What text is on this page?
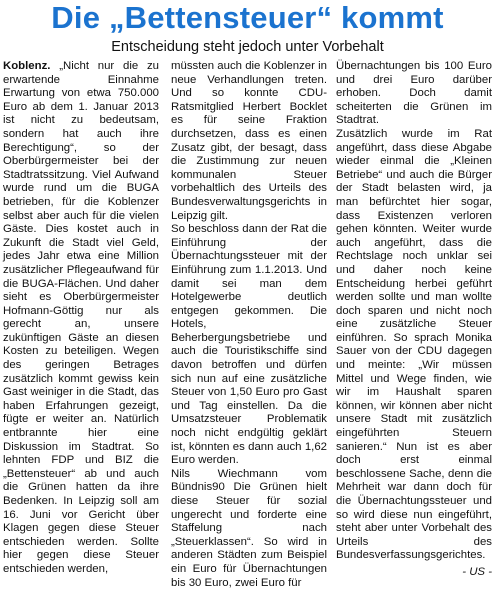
Die „Bettensteuer“ kommt
Entscheidung steht jedoch unter Vorbehalt

Koblenz. „Nicht nur die zu erwartende Einnahme Erwartung von etwa 750.000 Euro ab dem 1. Januar 2013 ist nicht zu bedeutsam, sondern hat auch ihre Berechtigung“, so der Oberbürgermeister bei der Stadtratssitzung. Viel Aufwand wurde rund um die BUGA betrieben, für die Koblenzer selbst aber auch für die vielen Gäste. Dies kostet auch in Zukunft die Stadt viel Geld, jedes Jahr etwa eine Million zusätzlicher Pflegeaufwand für die BUGA-Flächen. Und daher sieht es Oberbürgermeister Hofmann-Göttig nur als gerecht an, unsere zukünftigen Gäste an diesen Kosten zu beteiligen. Wegen des geringen Betrages zusätzlich kommt gewiss kein Gast weiniger in die Stadt, das haben Erfahrungen gezeigt, fügte er weiter an. Natürlich entbrannte hier eine Diskussion im Stadtrat. So lehnten FDP und BIZ die „Bettensteuer“ ab und auch die Grünen hatten da ihre Bedenken. In Leipzig soll am 16. Juni vor Gericht über Klagen gegen diese Steuer entschieden werden. Sollte hier gegen diese Steuer entschieden werden,

müssten auch die Koblenzer in neue Verhandlungen treten. Und so konnte CDU-Ratsmitglied Herbert Bocklet es für seine Fraktion durchsetzen, dass es einen Zusatz gibt, der besagt, dass die Zustimmung zur neuen kommunalen Steuer vorbehaltlich des Urteils des Bundesverwaltungsgerichts in Leipzig gilt.

So beschloss dann der Rat die Einführung der Übernachtungssteuer mit der Einführung zum 1.1.2013. Und damit sei man dem Hotelgewerbe deutlich entgegen gekommen. Die Hotels, Beherbergungsbetriebe und auch die Touristikschiffe sind davon betroffen und dürfen sich nun auf eine zusätzliche Steuer von 1,50 Euro pro Gast und Tag einstellen. Da die Umsatzsteuer Problematik noch nicht endgültig geklärt ist, könnten es dann auch 1,62 Euro werden.

Nils Wiechmann vom Bündnis90 Die Grünen hielt diese Steuer für sozial ungerecht und forderte eine Staffelung nach „Steuerklassen“. So wird in anderen Städten zum Beispiel ein Euro für Übernachtungen bis 30 Euro, zwei Euro für

Übernachtungen bis 100 Euro und drei Euro darüber erhoben. Doch damit scheiterten die Grünen im Stadtrat.

Zusätzlich wurde im Rat angeführt, dass diese Abgabe wieder einmal die „Kleinen Betriebe“ und auch die Bürger der Stadt belasten wird, ja man befürchtet hier sogar, dass Existenzen verloren gehen könnten. Weiter wurde auch angeführt, dass die Rechtslage noch unklar sei und daher noch keine Entscheidung herbei geführt werden sollte und man wollte doch sparen und nicht noch eine zusätzliche Steuer einführen. So sprach Monika Sauer von der CDU dagegen und meinte: „Wir müssen Mittel und Wege finden, wie wir im Haushalt sparen können, wir können aber nicht unsere Stadt mit zusätzlich eingeführten Steuern sanieren.“ Nun ist es aber doch erst einmal beschlossene Sache, denn die Mehrheit war dann doch für die Übernachtungssteuer und so wird diese nun eingeführt, steht aber unter Vorbehalt des Urteils des Bundesverfassungsgerichtes.

- US -
